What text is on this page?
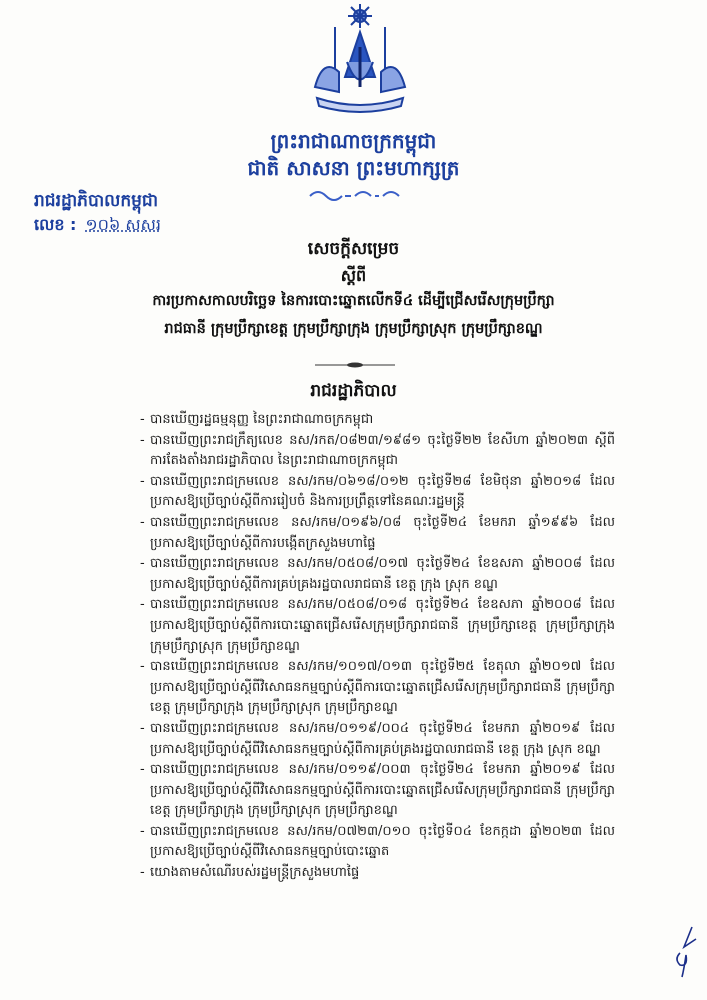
ព្រះរាជាណាចក្រកម្ពុជា
ជាតិ សាសនា ព្រះមហាក្សត្រ
រាជរដ្ឋាភិបាលកម្ពុជា
លេខ : ១០៦ សសរ
សេចក្តីសម្រេច
ស្តីពី
ការប្រកាសកាលបរិច្ឆេទ នៃការបោះឆ្នោតលើកទី៤ ដើម្បីជ្រើសរើសក្រុមប្រឹក្សា
រាជធានី ក្រុមប្រឹក្សាខេត្ត ក្រុមប្រឹក្សាក្រុង ក្រុមប្រឹក្សាស្រុក ក្រុមប្រឹក្សាខណ្ឌ
រាជរដ្ឋាភិបាល
- បានឃើញរដ្ឋធម្មនុញ្ញ នៃព្រះរាជាណាចក្រកម្ពុជា
- បានឃើញព្រះរាជក្រឹត្យលេខ នស/រកត/០៨២៣/១៩៨១ ចុះថ្ងៃទី២២ ខែសីហា ឆ្នាំ២០២៣ ស្តីពីការតែងតាំងរាជរដ្ឋាភិបាល នៃព្រះរាជាណាចក្រកម្ពុជា
- បានឃើញព្រះរាជក្រមលេខ នស/រកម/០៦១៨/០១២ ចុះថ្ងៃទី២៨ ខែមិថុនា ឆ្នាំ២០១៨ ដែលប្រកាសឱ្យប្រើច្បាប់ស្តីពីការរៀបចំ និងការប្រព្រឹត្តទៅនៃគណៈរដ្ឋមន្ត្រី
- បានឃើញព្រះរាជក្រមលេខ នស/រកម/០១៩៦/០៨ ចុះថ្ងៃទី២៤ ខែមករា ឆ្នាំ១៩៩៦ ដែលប្រកាសឱ្យប្រើច្បាប់ស្តីពីការបង្កើតក្រសួងមហាផ្ទៃ
- បានឃើញព្រះរាជក្រមលេខ នស/រកម/០៥០៨/០១៧ ចុះថ្ងៃទី២៤ ខែឧសភា ឆ្នាំ២០០៨ ដែលប្រកាសឱ្យប្រើច្បាប់ស្តីពីការគ្រប់គ្រងរដ្ឋបាលរាជធានី ខេត្ត ក្រុង ស្រុក ខណ្ឌ
- បានឃើញព្រះរាជក្រមលេខ នស/រកម/០៥០៨/០១៨ ចុះថ្ងៃទី២៤ ខែឧសភា ឆ្នាំ២០០៨ ដែលប្រកាសឱ្យប្រើច្បាប់ស្តីពីការបោះឆ្នោតជ្រើសរើសក្រុមប្រឹក្សារាជធានី ក្រុមប្រឹក្សាខេត្ត ក្រុមប្រឹក្សាក្រុង ក្រុមប្រឹក្សាស្រុក ក្រុមប្រឹក្សាខណ្ឌ
- បានឃើញព្រះរាជក្រមលេខ នស/រកម/១០១៧/០១៣ ចុះថ្ងៃទី២៥ ខែតុលា ឆ្នាំ២០១៧ ដែលប្រកាសឱ្យប្រើច្បាប់ស្តីពីវិសោធនកម្មច្បាប់ស្តីពីការបោះឆ្នោតជ្រើសរើសក្រុមប្រឹក្សារាជធានី ក្រុមប្រឹក្សាខេត្ត ក្រុមប្រឹក្សាក្រុង ក្រុមប្រឹក្សាស្រុក ក្រុមប្រឹក្សាខណ្ឌ
- បានឃើញព្រះរាជក្រមលេខ នស/រកម/០១១៩/០០៤ ចុះថ្ងៃទី២៤ ខែមករា ឆ្នាំ២០១៩ ដែលប្រកាសឱ្យប្រើច្បាប់ស្តីពីវិសោធនកម្មច្បាប់ស្តីពីការគ្រប់គ្រងរដ្ឋបាលរាជធានី ខេត្ត ក្រុង ស្រុក ខណ្ឌ
- បានឃើញព្រះរាជក្រមលេខ នស/រកម/០១១៩/០០៣ ចុះថ្ងៃទី២៤ ខែមករា ឆ្នាំ២០១៩ ដែលប្រកាសឱ្យប្រើច្បាប់ស្តីពីវិសោធនកម្មច្បាប់ស្តីពីការបោះឆ្នោតជ្រើសរើសក្រុមប្រឹក្សារាជធានី ក្រុមប្រឹក្សាខេត្ត ក្រុមប្រឹក្សាក្រុង ក្រុមប្រឹក្សាស្រុក ក្រុមប្រឹក្សាខណ្ឌ
- បានឃើញព្រះរាជក្រមលេខ នស/រកម/០៧២៣/០១០ ចុះថ្ងៃទី០៤ ខែកក្កដា ឆ្នាំ២០២៣ ដែលប្រកាសឱ្យប្រើច្បាប់ស្តីពីវិសោធនកម្មច្បាប់បោះឆ្នោត
- យោងតាមសំណើរបស់រដ្ឋមន្ត្រីក្រសួងមហាផ្ទៃ
